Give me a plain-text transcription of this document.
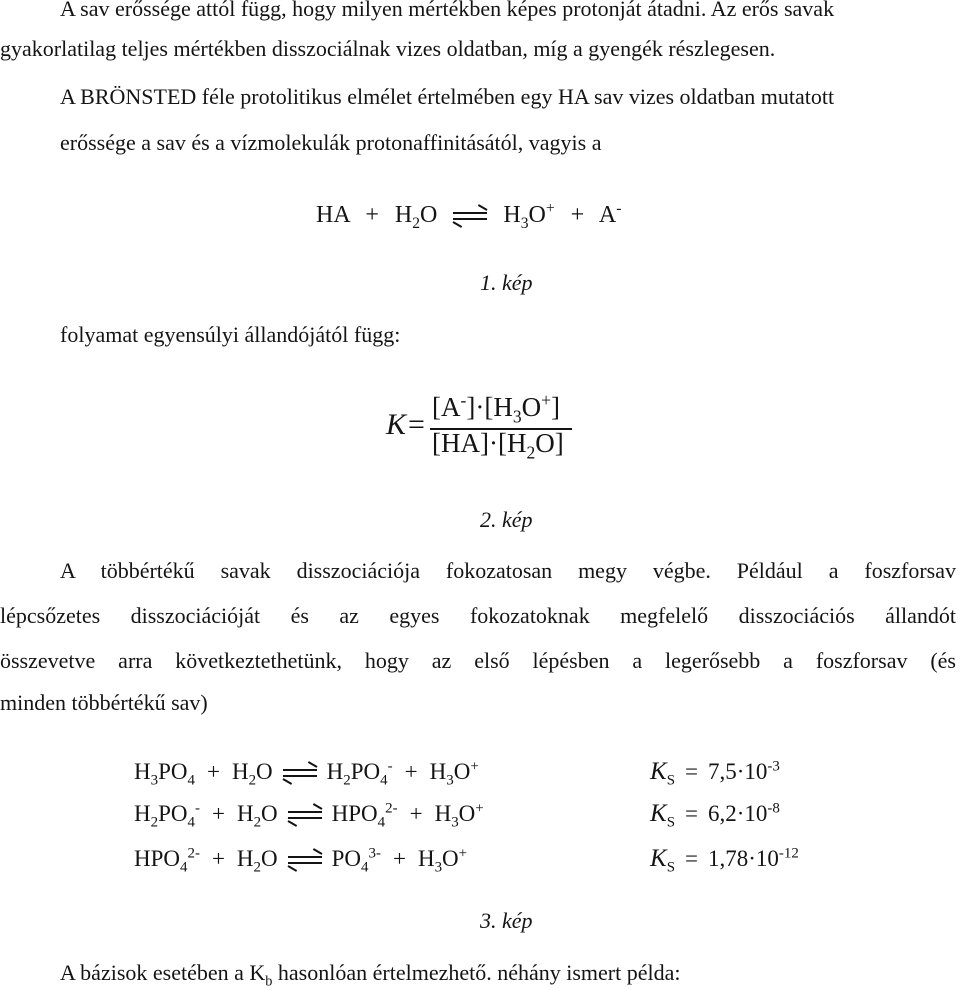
A sav erőssége attól függ, hogy milyen mértékben képes protonját átadni. Az erős savak
gyakorlatilag teljes mértékben disszociálnak vizes oldatban, míg a gyengék részlegesen.
A BRÖNSTED féle protolitikus elmélet értelmében egy HA sav vizes oldatban mutatott
erőssége a sav és a vízmolekulák protonaffinitásától, vagyis a
HA + $H_2O$ ⇌ $H_3O^+ + A^-$
1. kép
folyamat egyensúlyi állandójától függ:
K =
$[A^-]\cdot[H_3O^+]$
$[HA]\cdot[H_2O]$
2. kép
A többértékű savak disszociációja fokozatosan megy végbe. Például a foszforsav
lépcsőzetes disszociációját és az egyes fokozatoknak megfelelő disszociációs állandót
összevetve arra következtethetünk, hogy az első lépésben a legerősebb a foszforsav (és
minden többértékű sav)
$H_3PO_4 + H_2O$ ⇌ $H_2PO_4^- + H_3O^+$	$K_S = 7,5\cdot 10^{-3}$
$H_2PO_4^- + H_2O$ ⇌ $HPO_4^{2-} + H_3O^+$	$K_S = 6,2\cdot 10^{-8}$
$HPO_4^{2-} + H_2O$ ⇌ $PO_4^{3-} + H_3O^+$	$K_S = 1,78\cdot 10^{-12}$
3. kép
A bázisok esetében a $K_b$ hasonlóan értelmezhető. néhány ismert példa:
